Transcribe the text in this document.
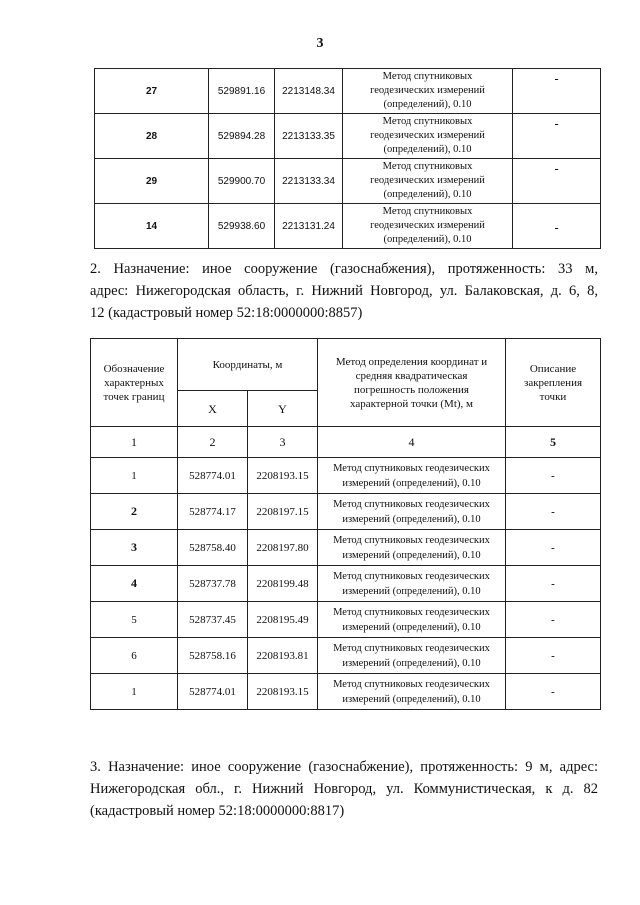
3
27	529891.16	2213148.34	Метод спутниковых
геодезических измерений
(определений), 0.10	-
28	529894.28	2213133.35	Метод спутниковых
геодезических измерений
(определений), 0.10	-
29	529900.70	2213133.34	Метод спутниковых
геодезических измерений
(определений), 0.10	-
14	529938.60	2213131.24	Метод спутниковых
геодезических измерений
(определений), 0.10	-
2. Назначение: иное сооружение (газоснабжения), протяженность: 33 м,
адрес: Нижегородская область, г. Нижний Новгород, ул. Балаковская, д. 6, 8,
12 (кадастровый номер 52:18:0000000:8857)
Обозначение
характерных
точек границ	Координаты, м		Метод определения координат и
средняя квадратическая
погрешность положения
характерной точки (Mt), м	Описание
закрепления
точки

	X	Y		
1	2	3	4	5
1	528774.01	2208193.15	Метод спутниковых геодезических
измерений (определений), 0.10	-
2	528774.17	2208197.15	Метод спутниковых геодезических
измерений (определений), 0.10	-
3	528758.40	2208197.80	Метод спутниковых геодезических
измерений (определений), 0.10	-
4	528737.78	2208199.48	Метод спутниковых геодезических
измерений (определений), 0.10	-
5	528737.45	2208195.49	Метод спутниковых геодезических
измерений (определений), 0.10	-
6	528758.16	2208193.81	Метод спутниковых геодезических
измерений (определений), 0.10	-
1	528774.01	2208193.15	Метод спутниковых геодезических
измерений (определений), 0.10	-
3. Назначение: иное сооружение (газоснабжение), протяженность: 9 м, адрес:
Нижегородская обл., г. Нижний Новгород, ул. Коммунистическая, к д. 82
(кадастровый номер 52:18:0000000:8817)
